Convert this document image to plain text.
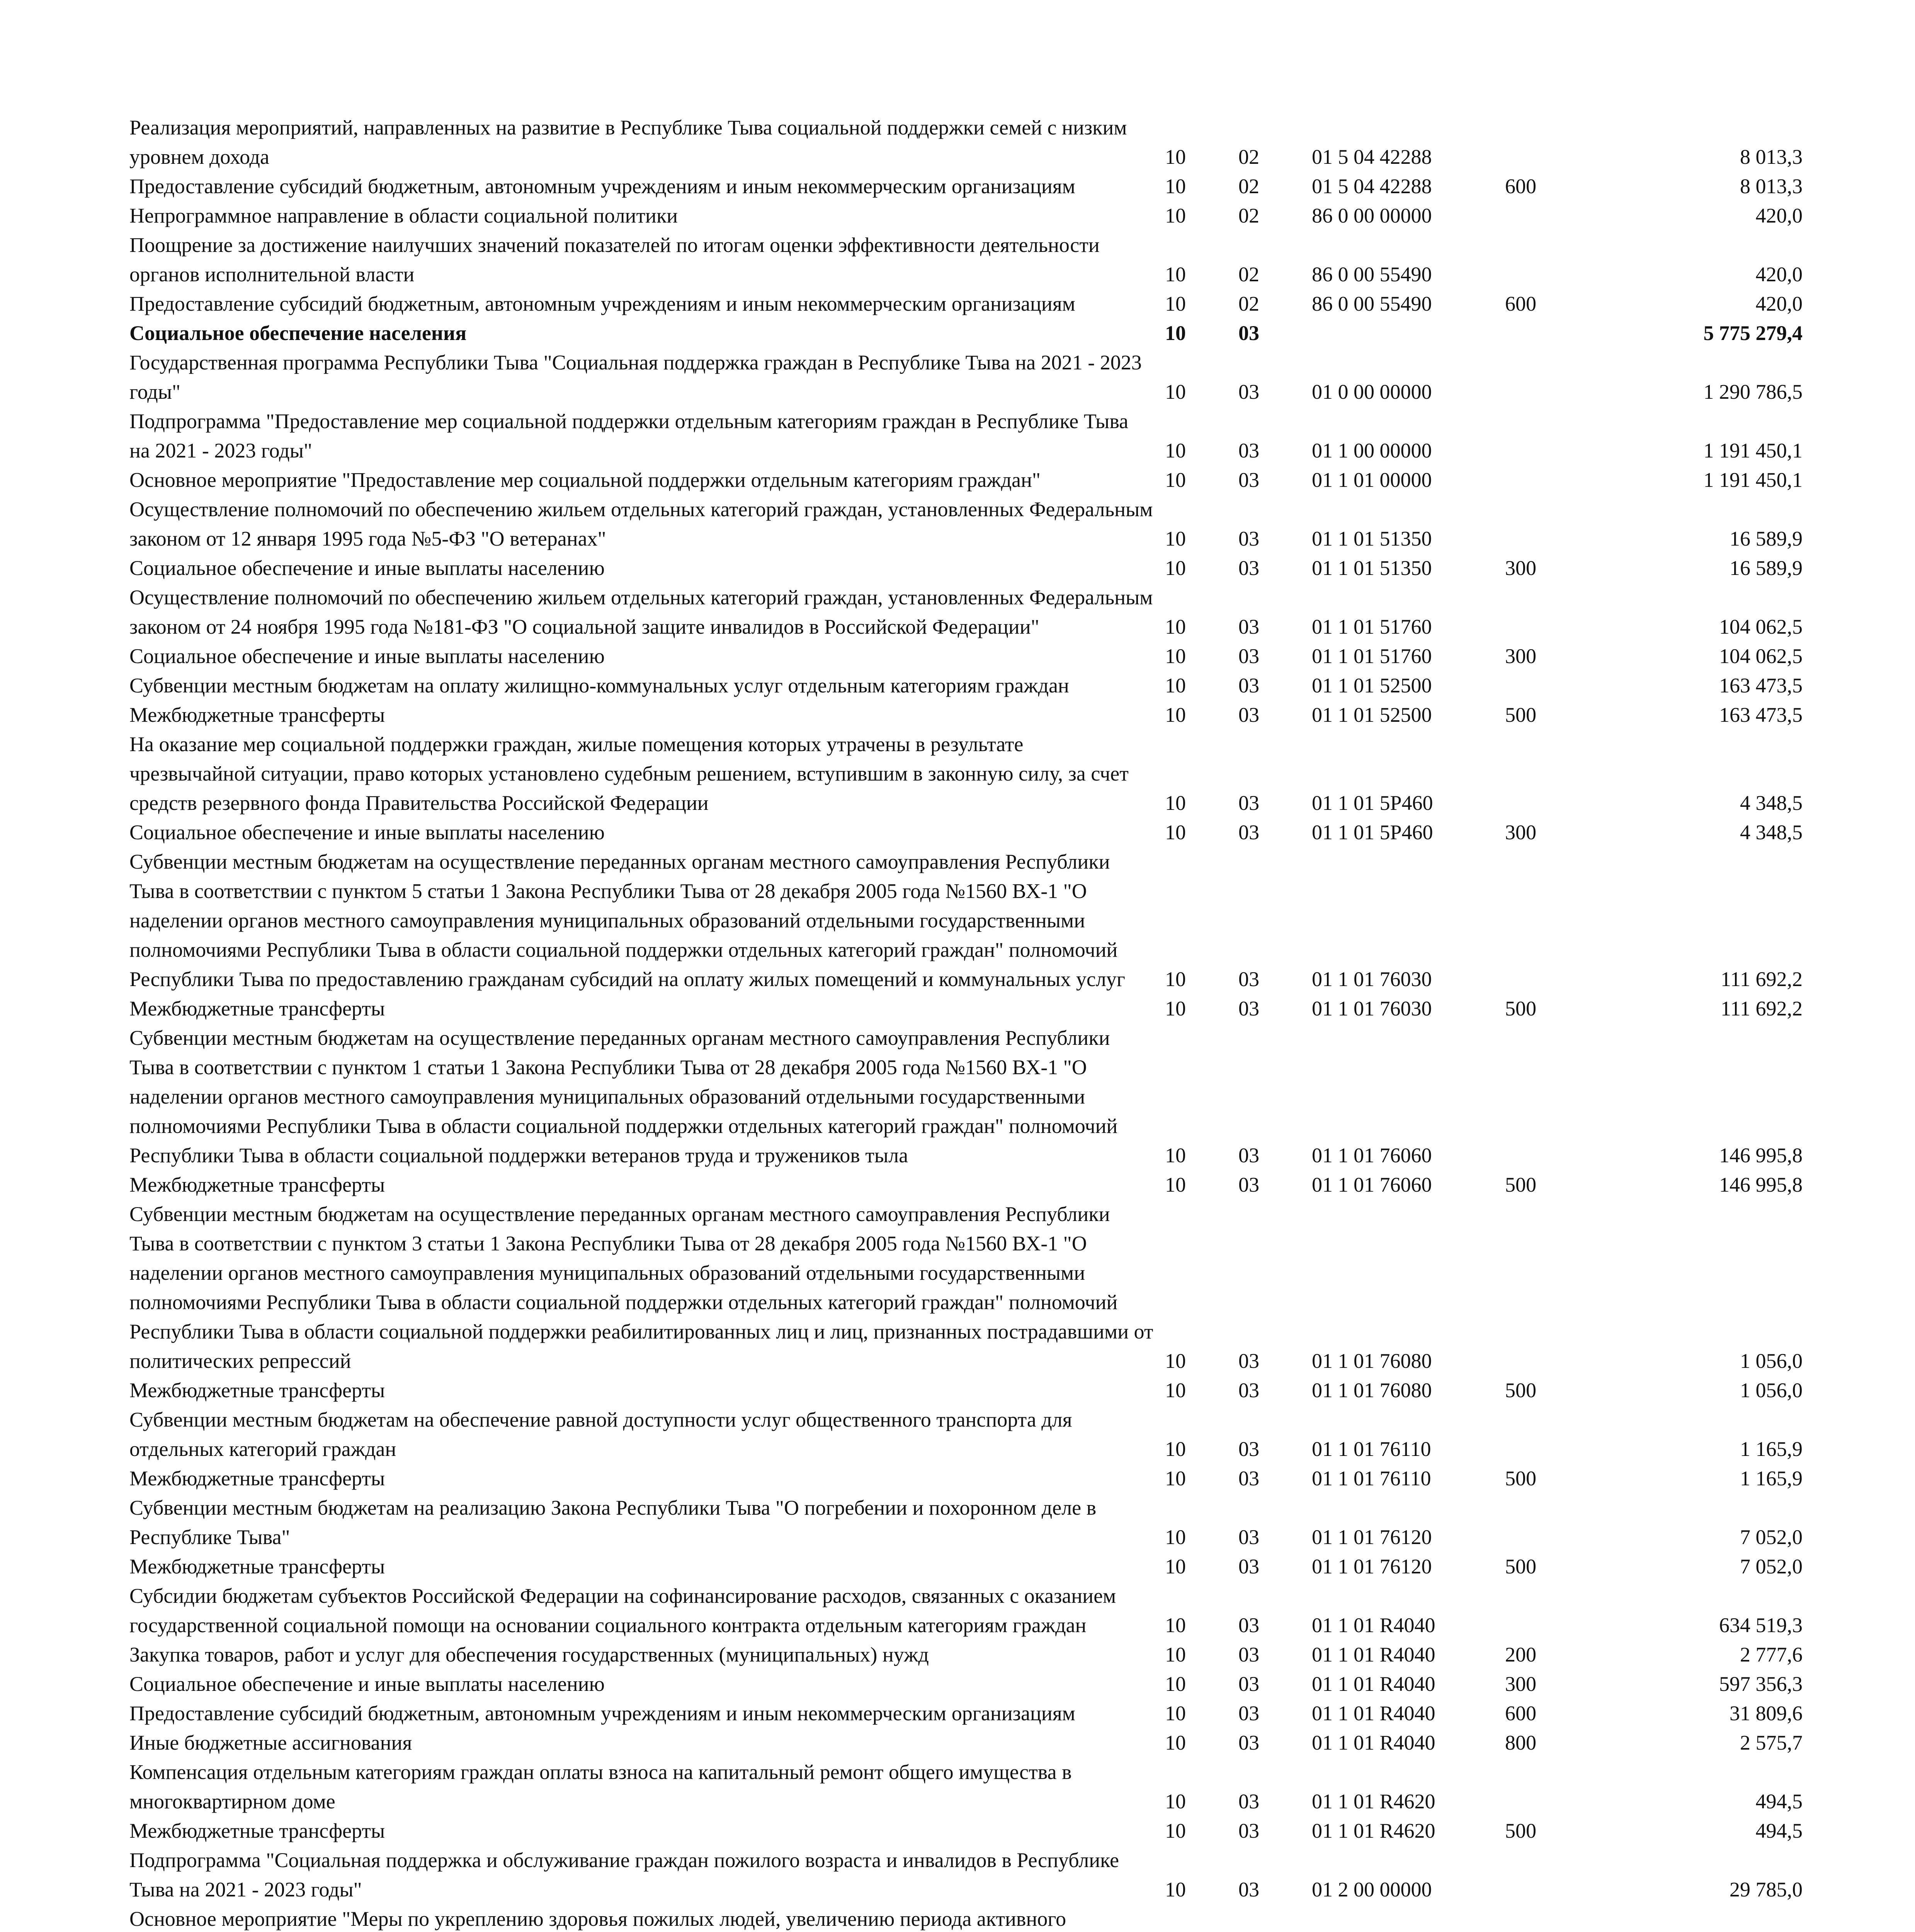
Реализация мероприятий, направленных на развитие в Республике Тыва социальной поддержки семей с низким уровнем дохода	10	02	01 5 04 42288		8 013,3
Предоставление субсидий бюджетным, автономным учреждениям и иным некоммерческим организациям	10	02	01 5 04 42288	600	8 013,3
Непрограммное направление в области социальной политики	10	02	86 0 00 00000		420,0
Поощрение за достижение наилучших значений показателей по итогам оценки эффективности деятельности органов исполнительной власти	10	02	86 0 00 55490		420,0
Предоставление субсидий бюджетным, автономным учреждениям и иным некоммерческим организациям	10	02	86 0 00 55490	600	420,0
Социальное обеспечение населения	10	03			5 775 279,4
Государственная программа Республики Тыва "Социальная поддержка граждан в Республике Тыва на 2021 - 2023 годы"	10	03	01 0 00 00000		1 290 786,5
Подпрограмма "Предоставление мер социальной поддержки отдельным категориям граждан в Республике Тыва на 2021 - 2023 годы"	10	03	01 1 00 00000		1 191 450,1
Основное мероприятие "Предоставление мер социальной поддержки отдельным категориям граждан"	10	03	01 1 01 00000		1 191 450,1
Осуществление полномочий по обеспечению жильем отдельных категорий граждан, установленных Федеральным законом от 12 января 1995 года №5-ФЗ "О ветеранах"	10	03	01 1 01 51350		16 589,9
Социальное обеспечение и иные выплаты населению	10	03	01 1 01 51350	300	16 589,9
Осуществление полномочий по обеспечению жильем отдельных категорий граждан, установленных Федеральным законом от 24 ноября 1995 года №181-ФЗ "О социальной защите инвалидов в Российской Федерации"	10	03	01 1 01 51760		104 062,5
Социальное обеспечение и иные выплаты населению	10	03	01 1 01 51760	300	104 062,5
Субвенции местным бюджетам на оплату жилищно-коммунальных услуг отдельным категориям граждан	10	03	01 1 01 52500		163 473,5
Межбюджетные трансферты	10	03	01 1 01 52500	500	163 473,5
На оказание мер социальной поддержки граждан, жилые помещения которых утрачены в результате чрезвычайной ситуации, право которых установлено судебным решением, вступившим в законную силу, за счет средств резервного фонда Правительства Российской Федерации	10	03	01 1 01 5Р460		4 348,5
Социальное обеспечение и иные выплаты населению	10	03	01 1 01 5Р460	300	4 348,5
Субвенции местным бюджетам на осуществление переданных органам местного самоуправления Республики Тыва в соответствии с пунктом 5 статьи 1 Закона Республики Тыва от 28 декабря 2005 года №1560 ВХ-1 "О наделении органов местного самоуправления муниципальных образований отдельными государственными полномочиями Республики Тыва в области социальной поддержки отдельных категорий граждан" полномочий Республики Тыва по предоставлению гражданам субсидий на оплату жилых помещений и коммунальных услуг	10	03	01 1 01 76030		111 692,2
Межбюджетные трансферты	10	03	01 1 01 76030	500	111 692,2
Субвенции местным бюджетам на осуществление переданных органам местного самоуправления Республики Тыва в соответствии с пунктом 1 статьи 1 Закона Республики Тыва от 28 декабря 2005 года №1560 ВХ-1 "О наделении органов местного самоуправления муниципальных образований отдельными государственными полномочиями Республики Тыва в области социальной поддержки отдельных категорий граждан" полномочий Республики Тыва в области социальной поддержки ветеранов труда и тружеников тыла	10	03	01 1 01 76060		146 995,8
Межбюджетные трансферты	10	03	01 1 01 76060	500	146 995,8
Субвенции местным бюджетам на осуществление переданных органам местного самоуправления Республики Тыва в соответствии с пунктом 3 статьи 1 Закона Республики Тыва от 28 декабря 2005 года №1560 ВХ-1 "О наделении органов местного самоуправления муниципальных образований отдельными государственными полномочиями Республики Тыва в области социальной поддержки отдельных категорий граждан" полномочий Республики Тыва в области социальной поддержки реабилитированных лиц и лиц, признанных пострадавшими от политических репрессий	10	03	01 1 01 76080		1 056,0
Межбюджетные трансферты	10	03	01 1 01 76080	500	1 056,0
Субвенции местным бюджетам на обеспечение равной доступности услуг общественного транспорта для отдельных категорий граждан	10	03	01 1 01 76110		1 165,9
Межбюджетные трансферты	10	03	01 1 01 76110	500	1 165,9
Субвенции местным бюджетам на реализацию Закона Республики Тыва "О погребении и похоронном деле в Республике Тыва"	10	03	01 1 01 76120		7 052,0
Межбюджетные трансферты	10	03	01 1 01 76120	500	7 052,0
Субсидии бюджетам субъектов Российской Федерации на софинансирование расходов, связанных с оказанием государственной социальной помощи на основании социального контракта отдельным категориям граждан	10	03	01 1 01 R4040		634 519,3
Закупка товаров, работ и услуг для обеспечения государственных (муниципальных) нужд	10	03	01 1 01 R4040	200	2 777,6
Социальное обеспечение и иные выплаты населению	10	03	01 1 01 R4040	300	597 356,3
Предоставление субсидий бюджетным, автономным учреждениям и иным некоммерческим организациям	10	03	01 1 01 R4040	600	31 809,6
Иные бюджетные ассигнования	10	03	01 1 01 R4040	800	2 575,7
Компенсация отдельным категориям граждан оплаты взноса на капитальный ремонт общего имущества в многоквартирном доме	10	03	01 1 01 R4620		494,5
Межбюджетные трансферты	10	03	01 1 01 R4620	500	494,5
Подпрограмма "Социальная поддержка и обслуживание граждан пожилого возраста и инвалидов в Республике Тыва на 2021 - 2023 годы"	10	03	01 2 00 00000		29 785,0
Основное мероприятие "Меры по укреплению здоровья пожилых людей, увеличению периода активного					
